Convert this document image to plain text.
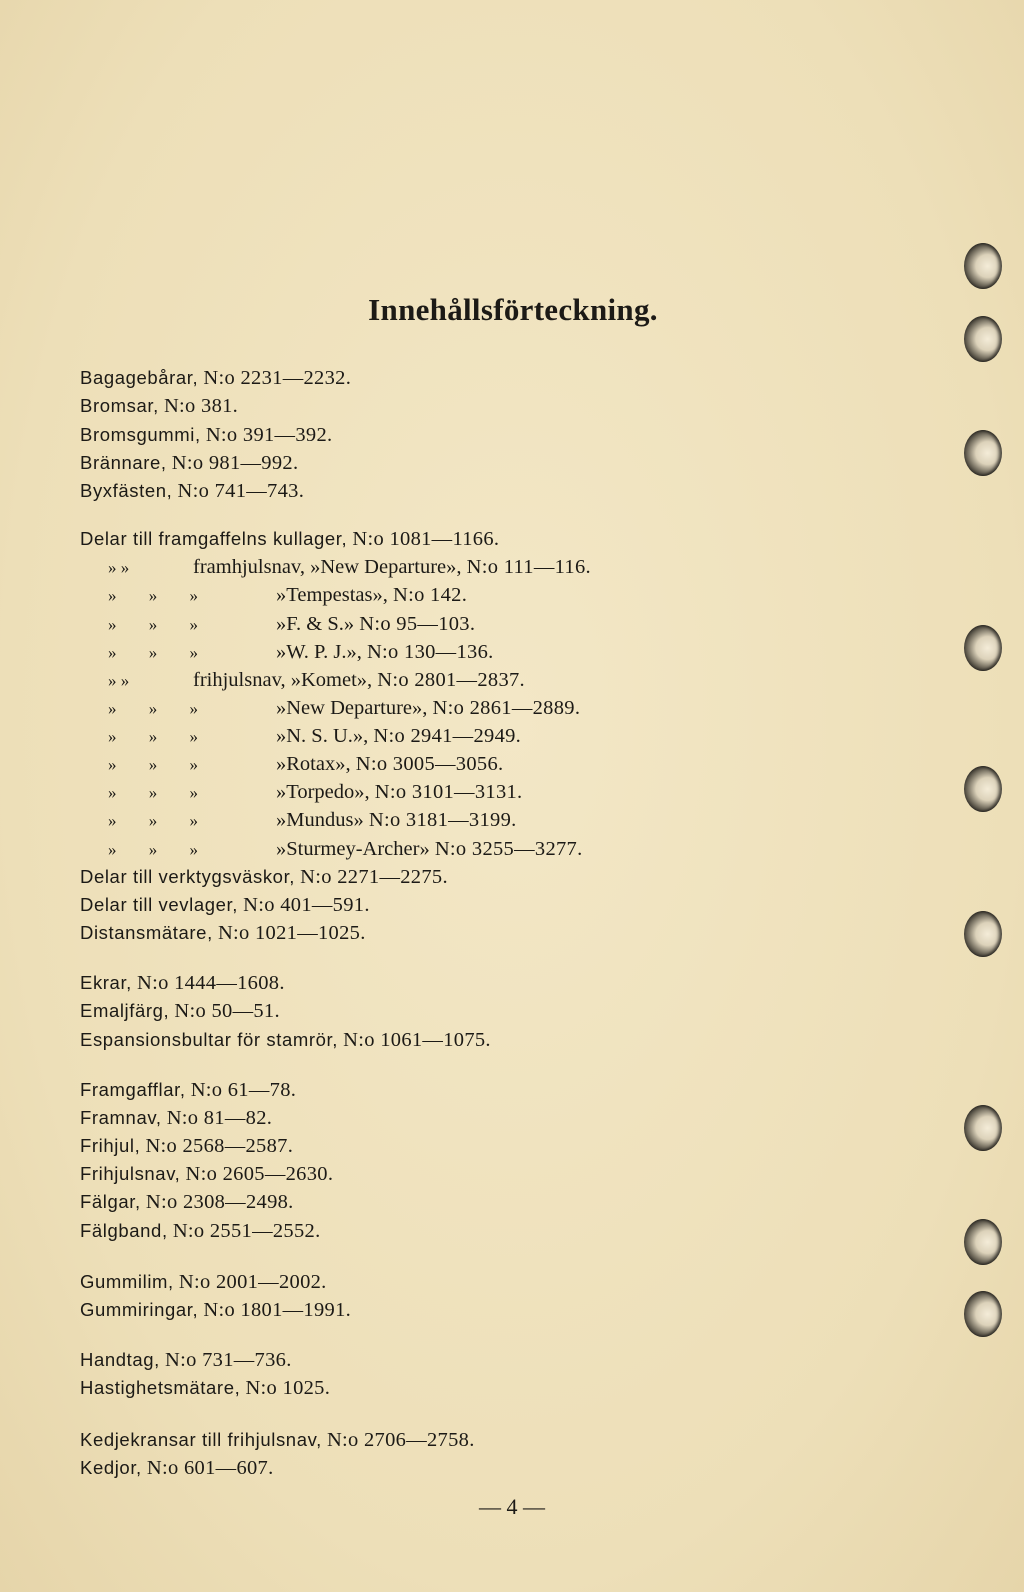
Innehållsförteckning.
Bagagebårar, N:o 2231—2232.
Bromsar, N:o 381.
Bromsgummi, N:o 391—392.
Brännare, N:o 981—992.
Byxfästen, N:o 741—743.
Delar till framgaffelns kullager, N:o 1081—1166.
» »	framhjulsnav, »New Departure», N:o 111—116.
» » »	»Tempestas», N:o 142.
» » »	»F. & S.» N:o 95—103.
» » »	»W. P. J.», N:o 130—136.
» »	frihjulsnav, »Komet», N:o 2801—2837.
» » »	»New Departure», N:o 2861—2889.
» » »	»N. S. U.», N:o 2941—2949.
» » »	»Rotax», N:o 3005—3056.
» » »	»Torpedo», N:o 3101—3131.
» » »	»Mundus» N:o 3181—3199.
» » »	»Sturmey-Archer» N:o 3255—3277.
Delar till verktygsväskor, N:o 2271—2275.
Delar till vevlager, N:o 401—591.
Distansmätare, N:o 1021—1025.
Ekrar, N:o 1444—1608.
Emaljfärg, N:o 50—51.
Espansionsbultar för stamrör, N:o 1061—1075.
Framgafflar, N:o 61—78.
Framnav, N:o 81—82.
Frihjul, N:o 2568—2587.
Frihjulsnav, N:o 2605—2630.
Fälgar, N:o 2308—2498.
Fälgband, N:o 2551—2552.
Gummilim, N:o 2001—2002.
Gummiringar, N:o 1801—1991.
Handtag, N:o 731—736.
Hastighetsmätare, N:o 1025.
Kedjekransar till frihjulsnav, N:o 2706—2758.
Kedjor, N:o 601—607.
— 4 —
